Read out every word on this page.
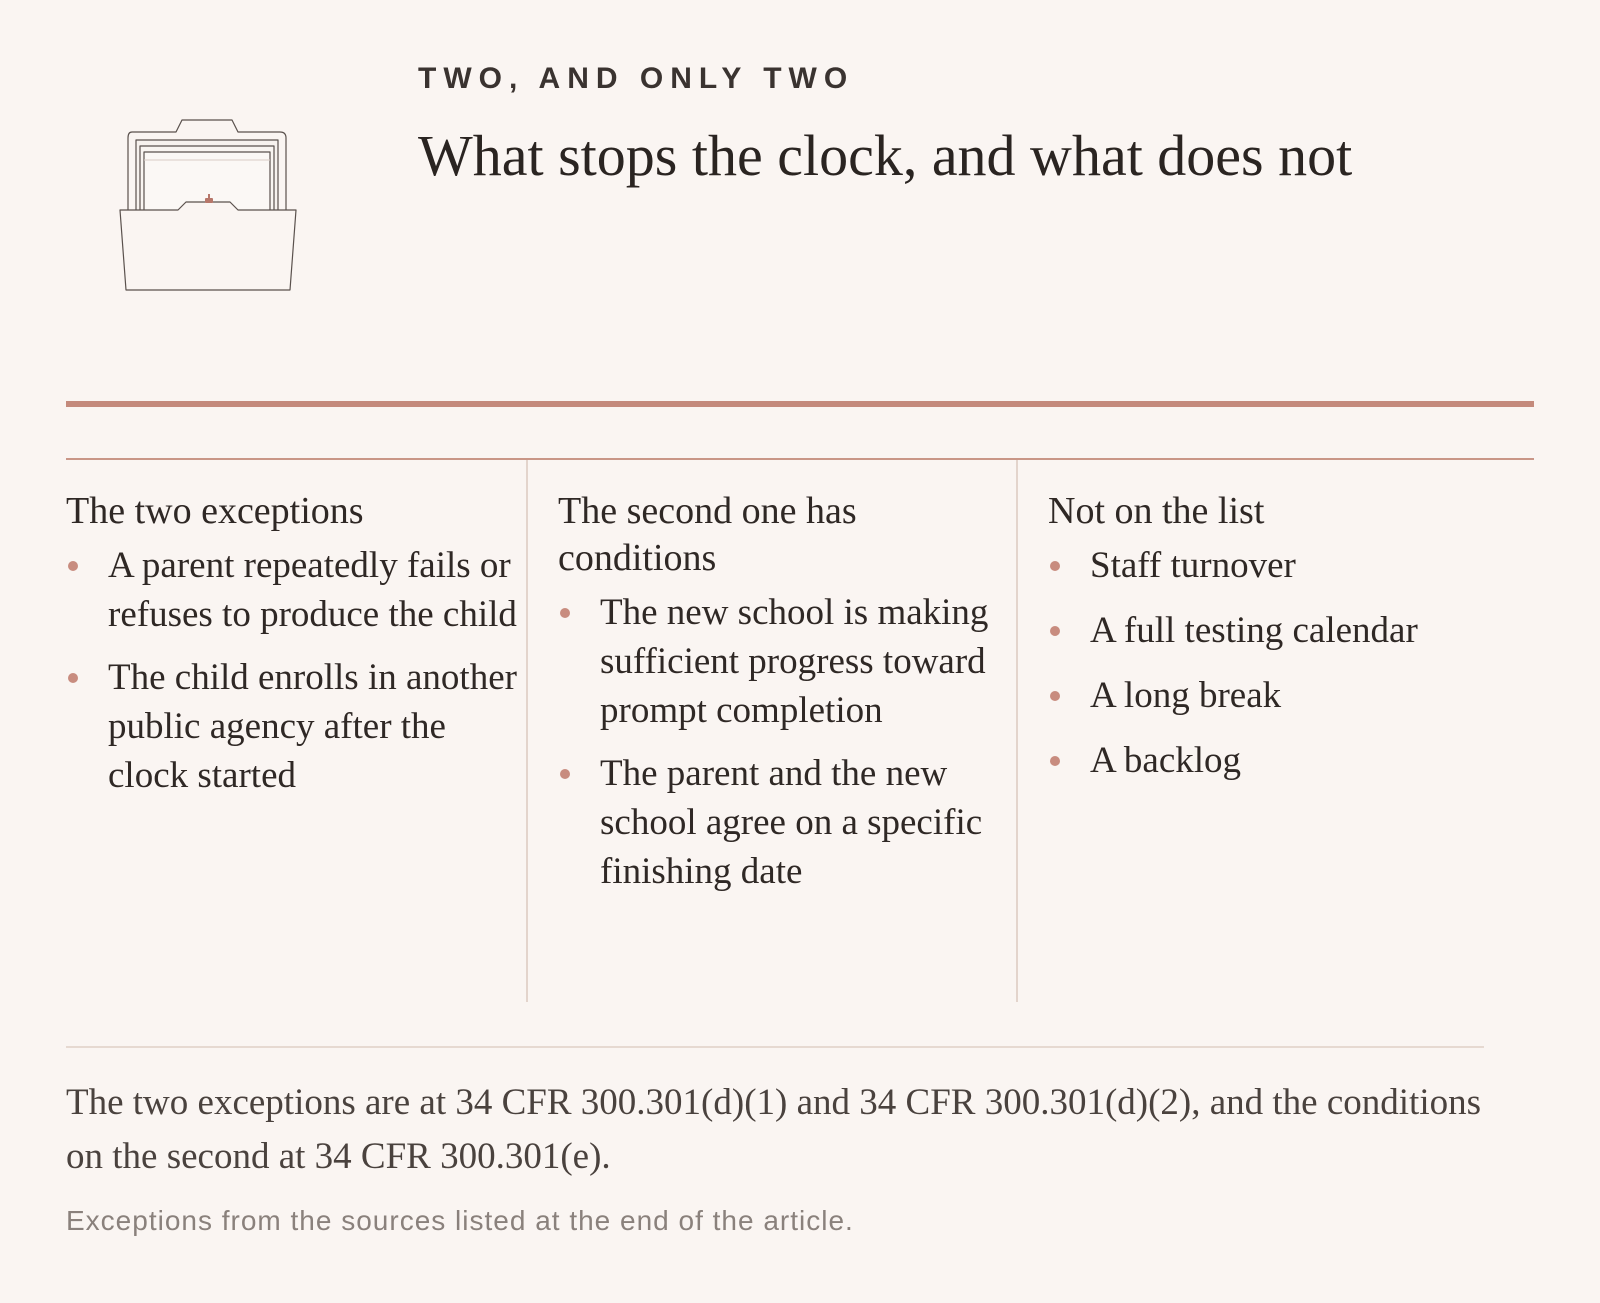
TWO, AND ONLY TWO
What stops the clock, and what does not
The two exceptions
A parent repeatedly fails or refuses to produce the child
The child enrolls in another public agency after the clock started
The second one has conditions
The new school is making sufficient progress toward prompt completion
The parent and the new school agree on a specific finishing date
Not on the list
Staff turnover
A full testing calendar
A long break
A backlog

The two exceptions are at 34 CFR 300.301(d)(1) and 34 CFR 300.301(d)(2), and the conditions on the second at 34 CFR 300.301(e).

Exceptions from the sources listed at the end of the article.
